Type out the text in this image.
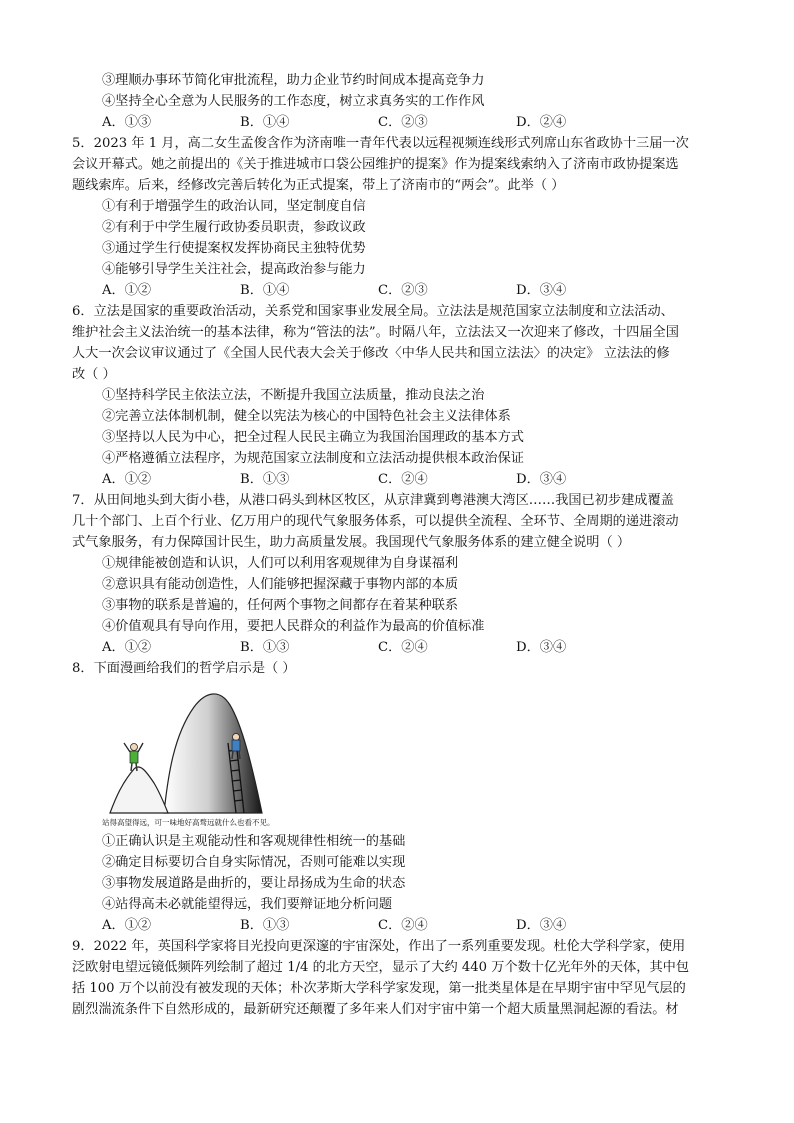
③理顺办事环节简化审批流程，助力企业节约时间成本提高竞争力
④坚持全心全意为人民服务的工作态度，树立求真务实的工作作风
A．①③	B．①④	C．②③	D．②④
5．2023 年 1 月，高二女生孟俊含作为济南唯一青年代表以远程视频连线形式列席山东省政协十三届一次
会议开幕式。她之前提出的《关于推进城市口袋公园维护的提案》作为提案线索纳入了济南市政协提案选
题线索库。后来，经修改完善后转化为正式提案，带上了济南市的“两会”。此举（ ）
①有利于增强学生的政治认同，坚定制度自信
②有利于中学生履行政协委员职责，参政议政
③通过学生行使提案权发挥协商民主独特优势
④能够引导学生关注社会，提高政治参与能力
A．①②	B．①④	C．②③	D．③④
6．立法是国家的重要政治活动，关系党和国家事业发展全局。立法法是规范国家立法制度和立法活动、
维护社会主义法治统一的基本法律，称为“管法的法”。时隔八年，立法法又一次迎来了修改，十四届全国
人大一次会议审议通过了《全国人民代表大会关于修改〈中华人民共和国立法法〉的决定》 立法法的修
改（ ）
①坚持科学民主依法立法，不断提升我国立法质量，推动良法之治
②完善立法体制机制，健全以宪法为核心的中国特色社会主义法律体系
③坚持以人民为中心，把全过程人民民主确立为我国治国理政的基本方式
④严格遵循立法程序，为规范国家立法制度和立法活动提供根本政治保证
A．①②	B．①③	C．②④	D．③④
7．从田间地头到大街小巷，从港口码头到林区牧区，从京津冀到粤港澳大湾区……我国已初步建成覆盖
几十个部门、上百个行业、亿万用户的现代气象服务体系，可以提供全流程、全环节、全周期的递进滚动
式气象服务，有力保障国计民生，助力高质量发展。我国现代气象服务体系的建立健全说明（ ）
①规律能被创造和认识，人们可以利用客观规律为自身谋福利
②意识具有能动创造性，人们能够把握深藏于事物内部的本质
③事物的联系是普遍的，任何两个事物之间都存在着某种联系
④价值观具有导向作用，要把人民群众的利益作为最高的价值标准
A．①②	B．①③	C．②④	D．③④
8．下面漫画给我们的哲学启示是（ ）
站得高望得远，可一味地好高骛远就什么也看不见。
①正确认识是主观能动性和客观规律性相统一的基础
②确定目标要切合自身实际情况，否则可能难以实现
③事物发展道路是曲折的，要让昂扬成为生命的状态
④站得高未必就能望得远，我们要辩证地分析问题
A．①②	B．①③	C．②④	D．③④
9．2022 年，英国科学家将目光投向更深邃的宇宙深处，作出了一系列重要发现。杜伦大学科学家，使用
泛欧射电望远镜低频阵列绘制了超过 1/4 的北方天空，显示了大约 440 万个数十亿光年外的天体，其中包
括 100 万个以前没有被发现的天体；朴次茅斯大学科学家发现，第一批类星体是在早期宇宙中罕见气层的
剧烈湍流条件下自然形成的，最新研究还颠覆了多年来人们对宇宙中第一个超大质量黑洞起源的看法。材
